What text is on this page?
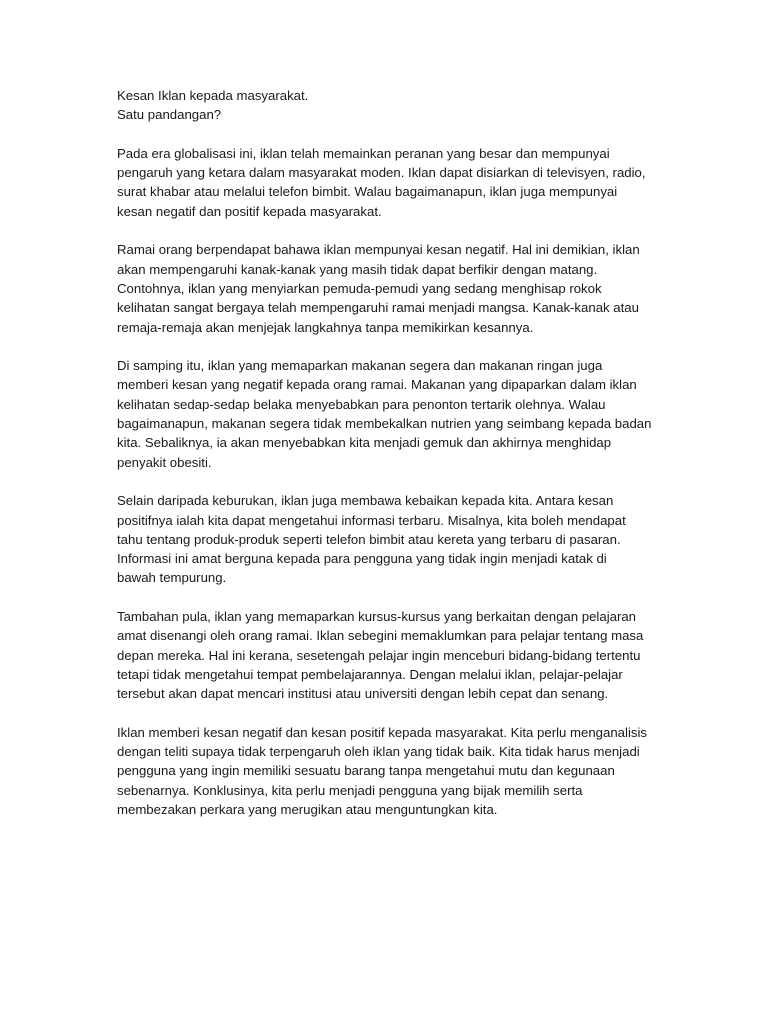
Kesan Iklan kepada masyarakat.
Satu pandangan?
Pada era globalisasi ini, iklan telah memainkan peranan yang besar dan mempunyai
pengaruh yang ketara dalam masyarakat moden. Iklan dapat disiarkan di televisyen, radio,
surat khabar atau melalui telefon bimbit. Walau bagaimanapun, iklan juga mempunyai
kesan negatif dan positif kepada masyarakat.
Ramai orang berpendapat bahawa iklan mempunyai kesan negatif. Hal ini demikian, iklan
akan mempengaruhi kanak-kanak yang masih tidak dapat berfikir dengan matang.
Contohnya, iklan yang menyiarkan pemuda-pemudi yang sedang menghisap rokok
kelihatan sangat bergaya telah mempengaruhi ramai menjadi mangsa. Kanak-kanak atau
remaja-remaja akan menjejak langkahnya tanpa memikirkan kesannya.
Di samping itu, iklan yang memaparkan makanan segera dan makanan ringan juga
memberi kesan yang negatif kepada orang ramai. Makanan yang dipaparkan dalam iklan
kelihatan sedap-sedap belaka menyebabkan para penonton tertarik olehnya. Walau
bagaimanapun, makanan segera tidak membekalkan nutrien yang seimbang kepada badan
kita. Sebaliknya, ia akan menyebabkan kita menjadi gemuk dan akhirnya menghidap
penyakit obesiti.
Selain daripada keburukan, iklan juga membawa kebaikan kepada kita. Antara kesan
positifnya ialah kita dapat mengetahui informasi terbaru. Misalnya, kita boleh mendapat
tahu tentang produk-produk seperti telefon bimbit atau kereta yang terbaru di pasaran.
Informasi ini amat berguna kepada para pengguna yang tidak ingin menjadi katak di
bawah tempurung.
Tambahan pula, iklan yang memaparkan kursus-kursus yang berkaitan dengan pelajaran
amat disenangi oleh orang ramai. Iklan sebegini memaklumkan para pelajar tentang masa
depan mereka. Hal ini kerana, sesetengah pelajar ingin menceburi bidang-bidang tertentu
tetapi tidak mengetahui tempat pembelajarannya. Dengan melalui iklan, pelajar-pelajar
tersebut akan dapat mencari institusi atau universiti dengan lebih cepat dan senang.
Iklan memberi kesan negatif dan kesan positif kepada masyarakat. Kita perlu menganalisis
dengan teliti supaya tidak terpengaruh oleh iklan yang tidak baik. Kita tidak harus menjadi
pengguna yang ingin memiliki sesuatu barang tanpa mengetahui mutu dan kegunaan
sebenarnya. Konklusinya, kita perlu menjadi pengguna yang bijak memilih serta
membezakan perkara yang merugikan atau menguntungkan kita.
